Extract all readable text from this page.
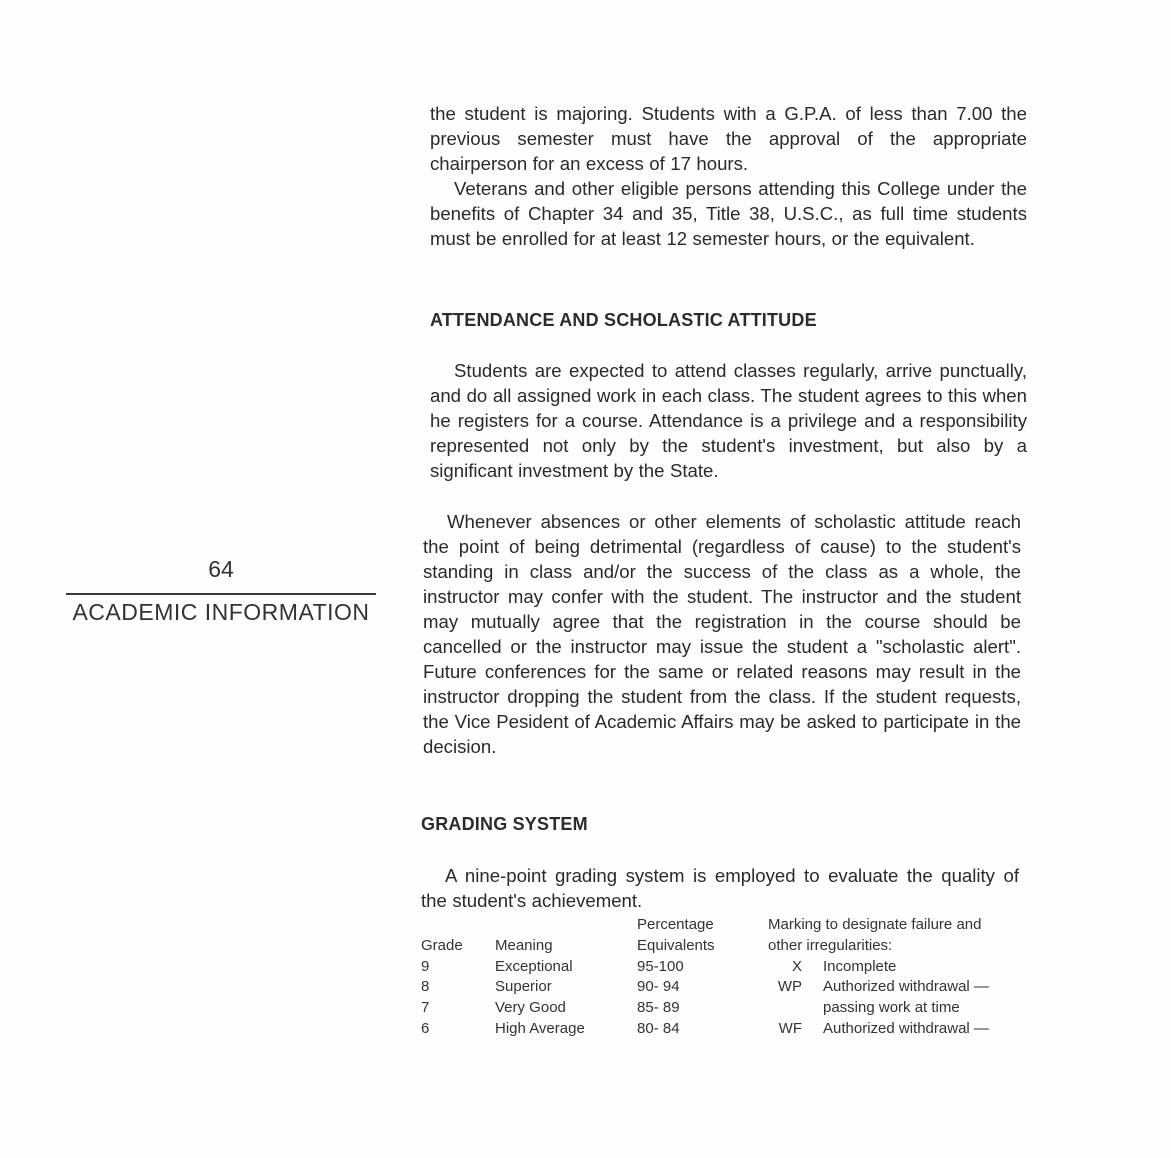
64
ACADEMIC INFORMATION

the student is majoring. Students with a G.P.A. of less than 7.00 the previous semester must have the approval of the appropriate chairperson for an excess of 17 hours.

Veterans and other eligible persons attending this College under the benefits of Chapter 34 and 35, Title 38, U.S.C., as full time students must be enrolled for at least 12 semester hours, or the equivalent.

ATTENDANCE AND SCHOLASTIC ATTITUDE

Students are expected to attend classes regularly, arrive punctually, and do all assigned work in each class. The student agrees to this when he registers for a course. Attendance is a privilege and a responsibility represented not only by the student's investment, but also by a significant investment by the State.

Whenever absences or other elements of scholastic attitude reach the point of being detrimental (regardless of cause) to the student's standing in class and/or the success of the class as a whole, the instructor may confer with the student. The instructor and the student may mutually agree that the registration in the course should be cancelled or the instructor may issue the student a "scholastic alert". Future conferences for the same or related reasons may result in the instructor dropping the student from the class. If the student requests, the Vice Pesident of Academic Affairs may be asked to participate in the decision.

GRADING SYSTEM

A nine-point grading system is employed to evaluate the quality of the student's achievement.

Grade
9
8
7
6
Meaning
Exceptional
Superior
Very Good
High Average
Percentage
Equivalents
95-100
90- 94
85- 89
80- 84
Marking to designate failure and
other irregularities:
X
WP
WF
Incomplete
Authorized withdrawal —
passing work at time
Authorized withdrawal —
